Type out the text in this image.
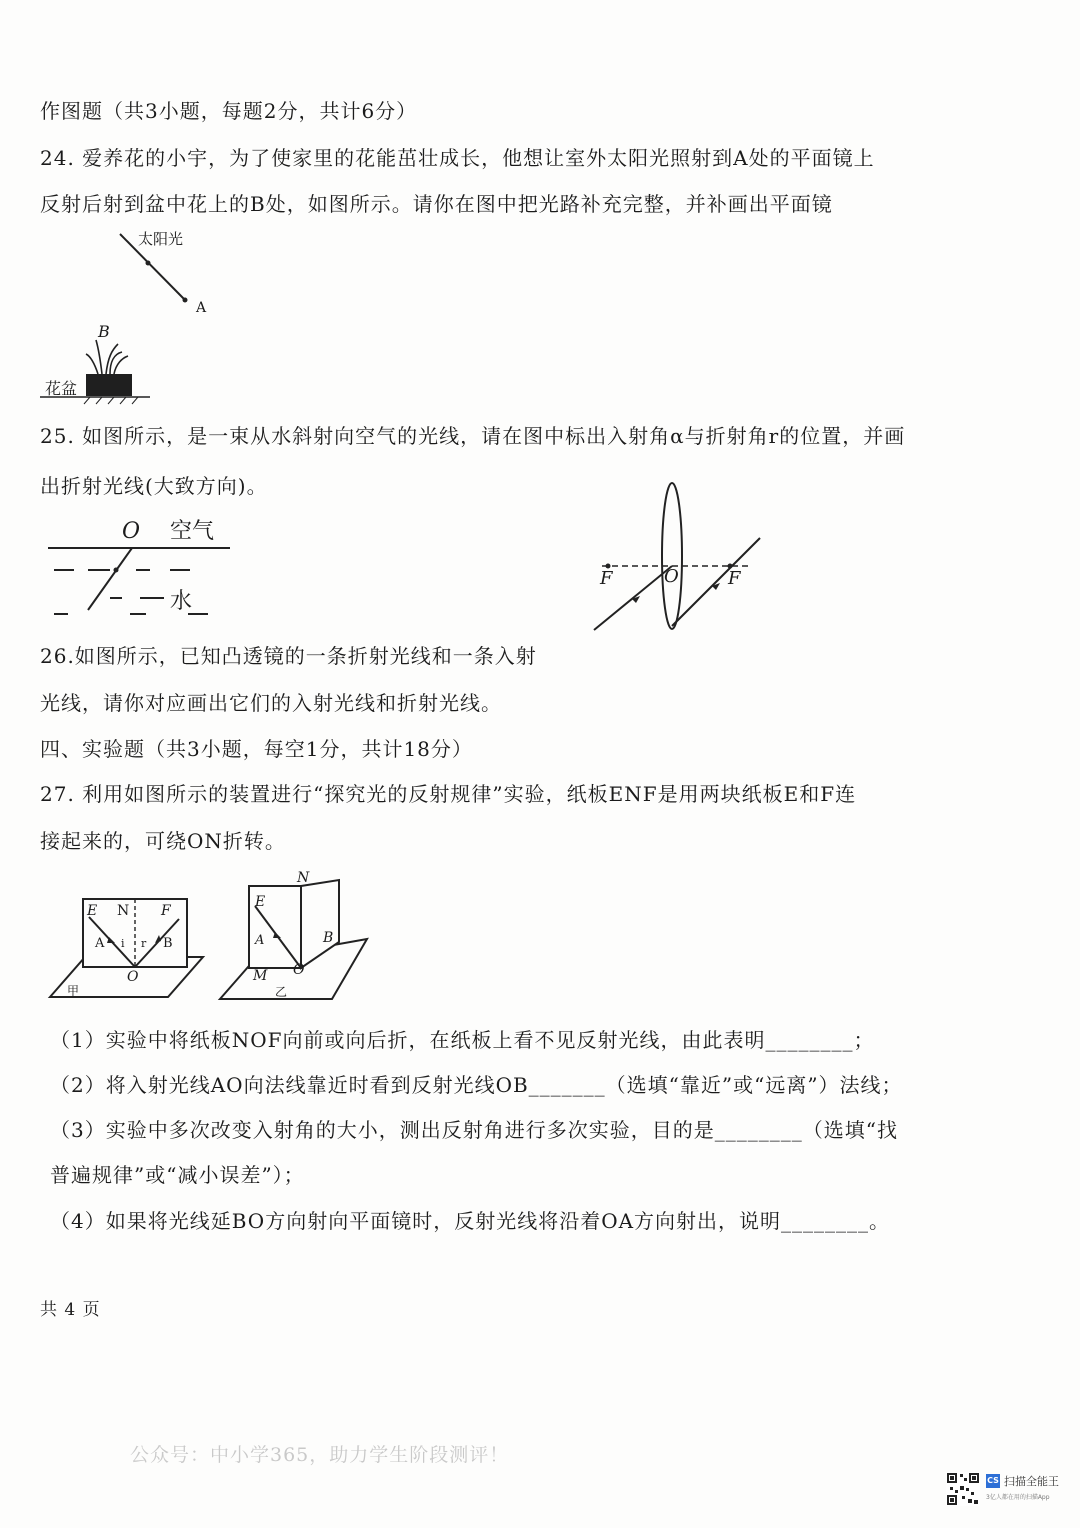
作图题（共3小题，每题2分，共计6分）
24. 爱养花的小宇，为了使家里的花能茁壮成长，他想让室外太阳光照射到A处的平面镜上
反射后射到盆中花上的B处，如图所示。请你在图中把光路补充完整，并补画出平面镜
太阳光
A
B
花盆
25. 如图所示，是一束从水斜射向空气的光线，请在图中标出入射角α与折射角r的位置，并画
出折射光线(大致方向)。
O 空气
水
F	O	F
26.如图所示，已知凸透镜的一条折射光线和一条入射
光线，请你对应画出它们的入射光线和折射光线。
四、实验题（共3小题，每空1分，共计18分）
27. 利用如图所示的装置进行“探究光的反射规律”实验，纸板ENF是用两块纸板E和F连
接起来的，可绕ON折转。
E N F
A	B
i r
O
甲
N
E
A	B
M O
乙
（1）实验中将纸板NOF向前或向后折，在纸板上看不见反射光线，由此表明________；
（2）将入射光线AO向法线靠近时看到反射光线OB_______（选填“靠近”或“远离”）法线；
（3）实验中多次改变入射角的大小，测出反射角进行多次实验，目的是________（选填“找
普遍规律”或“减小误差”）；
（4）如果将光线延BO方向射向平面镜时，反射光线将沿着OA方向射出，说明________。
共 4 页
公众号：中小学365，助力学生阶段测评！
CS 扫描全能王
3亿人都在用的扫描App
